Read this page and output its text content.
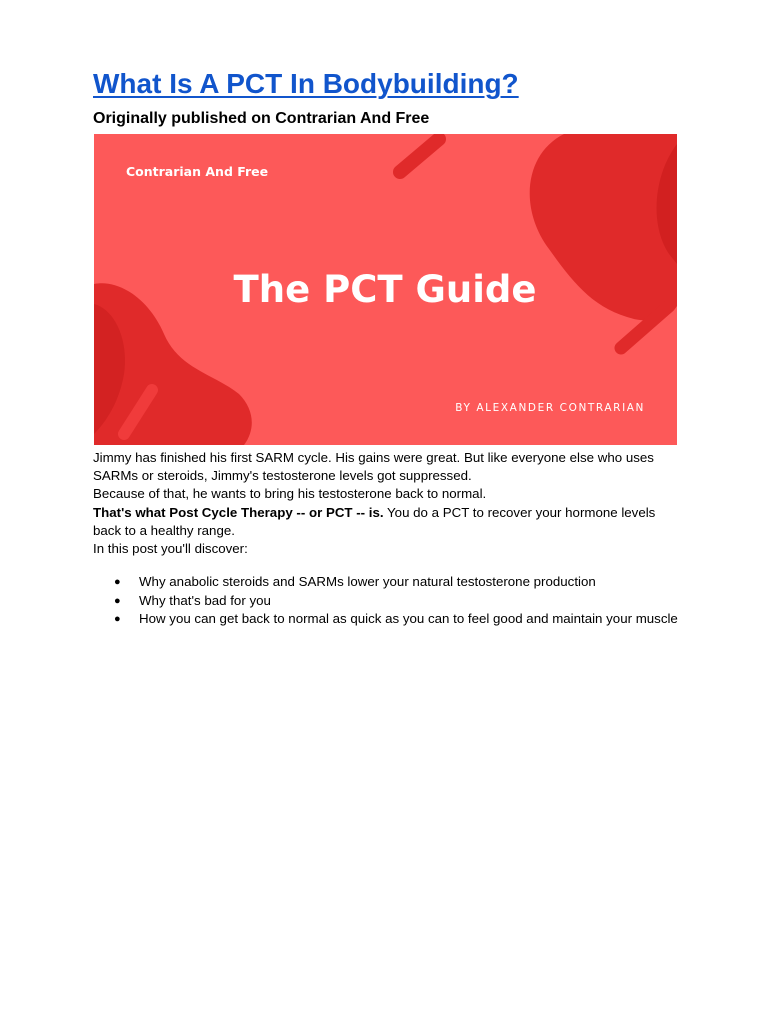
What Is A PCT In Bodybuilding?
Originally published on Contrarian And Free
Contrarian And Free
The PCT Guide
BY ALEXANDER CONTRARIAN

Jimmy has finished his first SARM cycle. His gains were great. But like everyone else who uses SARMs or steroids, Jimmy's testosterone levels got suppressed.

Because of that, he wants to bring his testosterone back to normal.

That's what Post Cycle Therapy -- or PCT -- is. You do a PCT to recover your hormone levels back to a healthy range.

In this post you'll discover:

● Why anabolic steroids and SARMs lower your natural testosterone production
● Why that's bad for you
● How you can get back to normal as quick as you can to feel good and maintain your muscle
